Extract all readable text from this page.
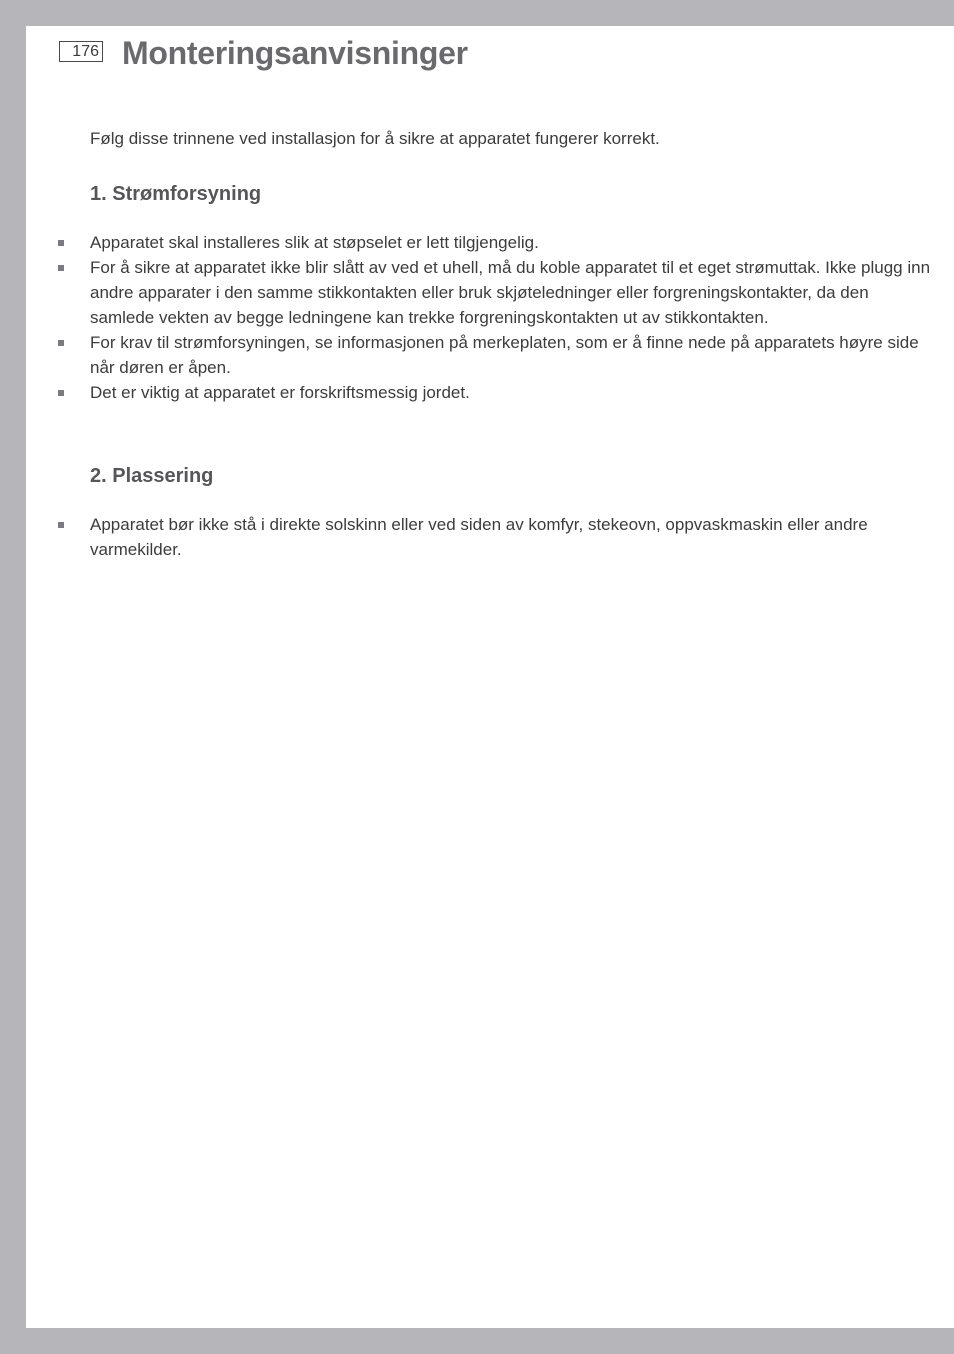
176 Monteringsanvisninger

Følg disse trinnene ved installasjon for å sikre at apparatet fungerer korrekt.

1. Strømforsyning
Apparatet skal installeres slik at støpselet er lett tilgjengelig.
For å sikre at apparatet ikke blir slått av ved et uhell, må du koble apparatet til et eget strømuttak. Ikke plugg inn andre apparater i den samme stikkontakten eller bruk skjøteledninger eller forgreningskontakter, da den samlede vekten av begge ledningene kan trekke forgreningskontakten ut av stikkontakten.
For krav til strømforsyningen, se informasjonen på merkeplaten, som er å finne nede på apparatets høyre side når døren er åpen.
Det er viktig at apparatet er forskriftsmessig jordet.
2. Plassering
Apparatet bør ikke stå i direkte solskinn eller ved siden av komfyr, stekeovn, oppvaskmaskin eller andre varmekilder.
